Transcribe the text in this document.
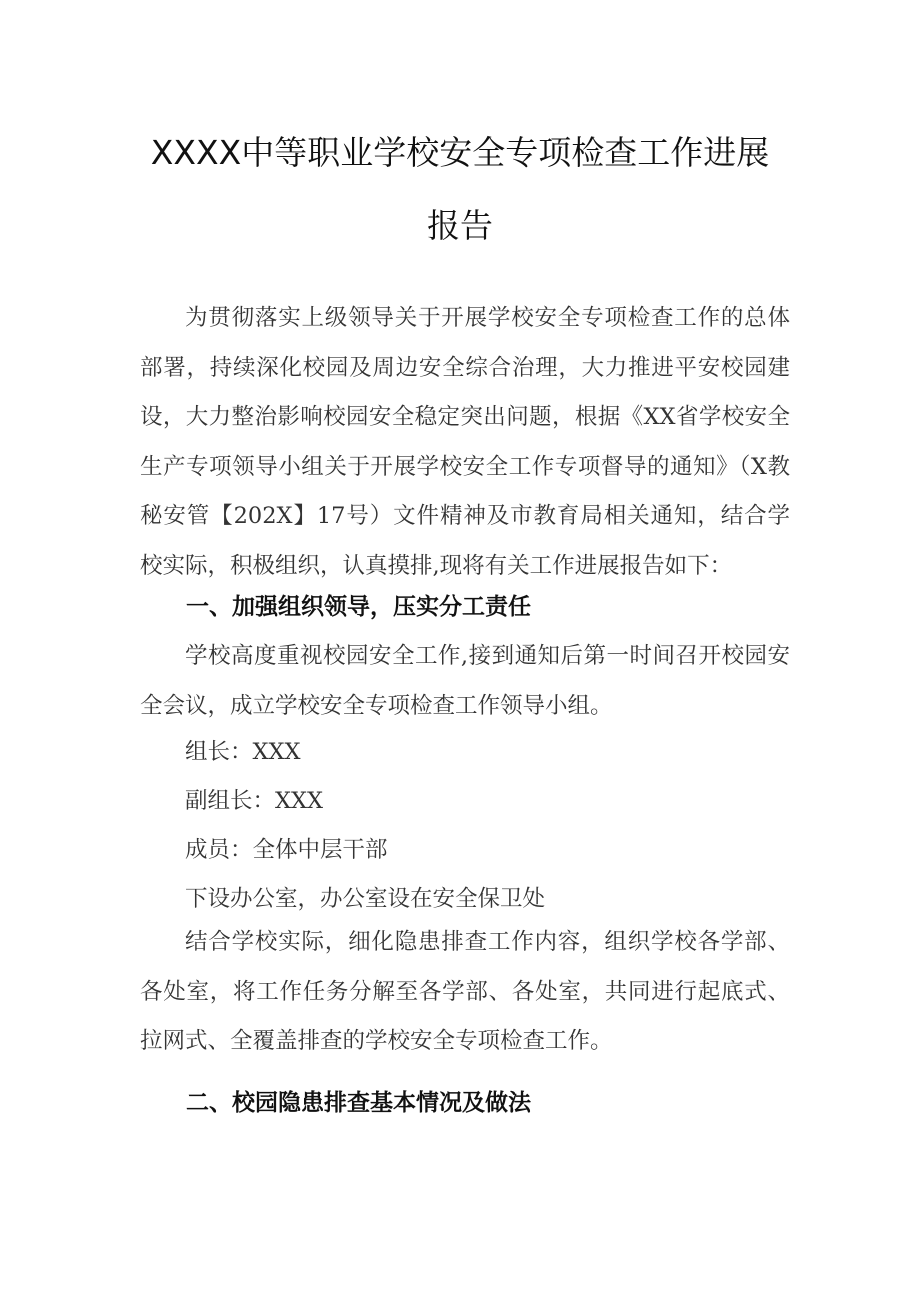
XXXX中等职业学校安全专项检查工作进展
报告

为贯彻落实上级领导关于开展学校安全专项检查工作的总体部署，持续深化校园及周边安全综合治理，大力推进平安校园建设，大力整治影响校园安全稳定突出问题，根据《XX省学校安全生产专项领导小组关于开展学校安全工作专项督导的通知》（X教秘安管【202X】17号）文件精神及市教育局相关通知，结合学校实际，积极组织，认真摸排,现将有关工作进展报告如下：

一、加强组织领导，压实分工责任

学校高度重视校园安全工作,接到通知后第一时间召开校园安全会议，成立学校安全专项检查工作领导小组。

组长：XXX

副组长：XXX

成员：全体中层干部

下设办公室，办公室设在安全保卫处

结合学校实际，细化隐患排查工作内容，组织学校各学部、各处室，将工作任务分解至各学部、各处室，共同进行起底式、拉网式、全覆盖排查的学校安全专项检查工作。

二、校园隐患排查基本情况及做法
